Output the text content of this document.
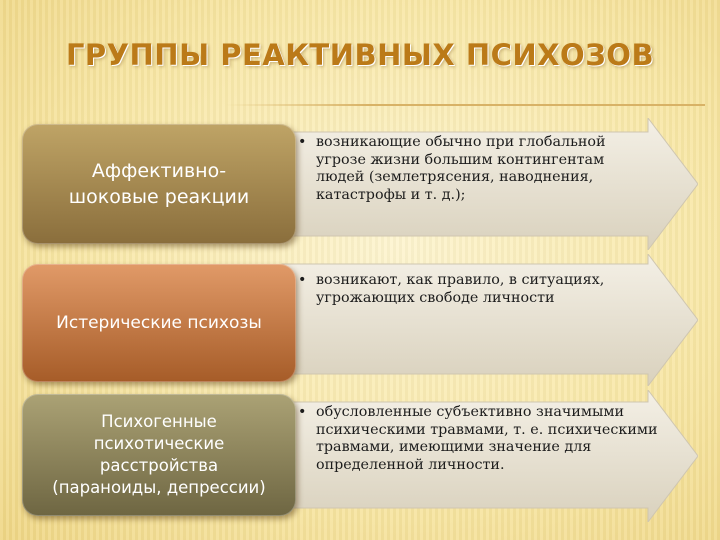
ГРУППЫ РЕАКТИВНЫХ ПСИХОЗОВ
Аффективно-
шоковые реакции
• возникающие обычно при глобальной угрозе жизни большим контингентам людей (землетрясения, наводнения, катастрофы и т. д.);
Истерические психозы
• возникают, как правило, в ситуациях, угрожающих свободе личности
Психогенные
психотические
расстройства
(параноиды, депрессии)
• обусловленные субъективно значимыми психическими травмами, т. е. психическими травмами, имеющими значение для определенной личности.
